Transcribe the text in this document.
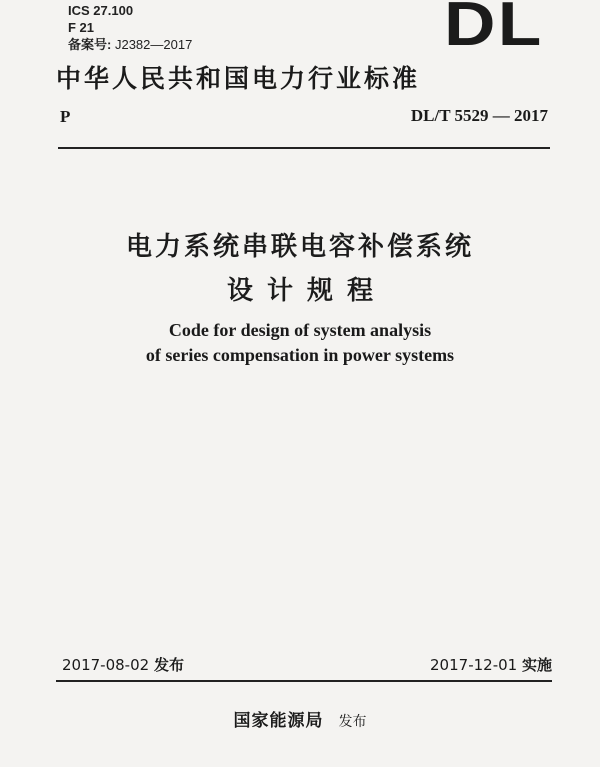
ICS 27.100
F 21
备案号: J2382—2017	DL
中华人民共和国电力行业标准
P	DL/T 5529 — 2017
电力系统串联电容补偿系统
设计规程
Code for design of system analysis
of series compensation in power systems
2017-08-02 发布	2017-12-01 实施
国家能源局 发布
